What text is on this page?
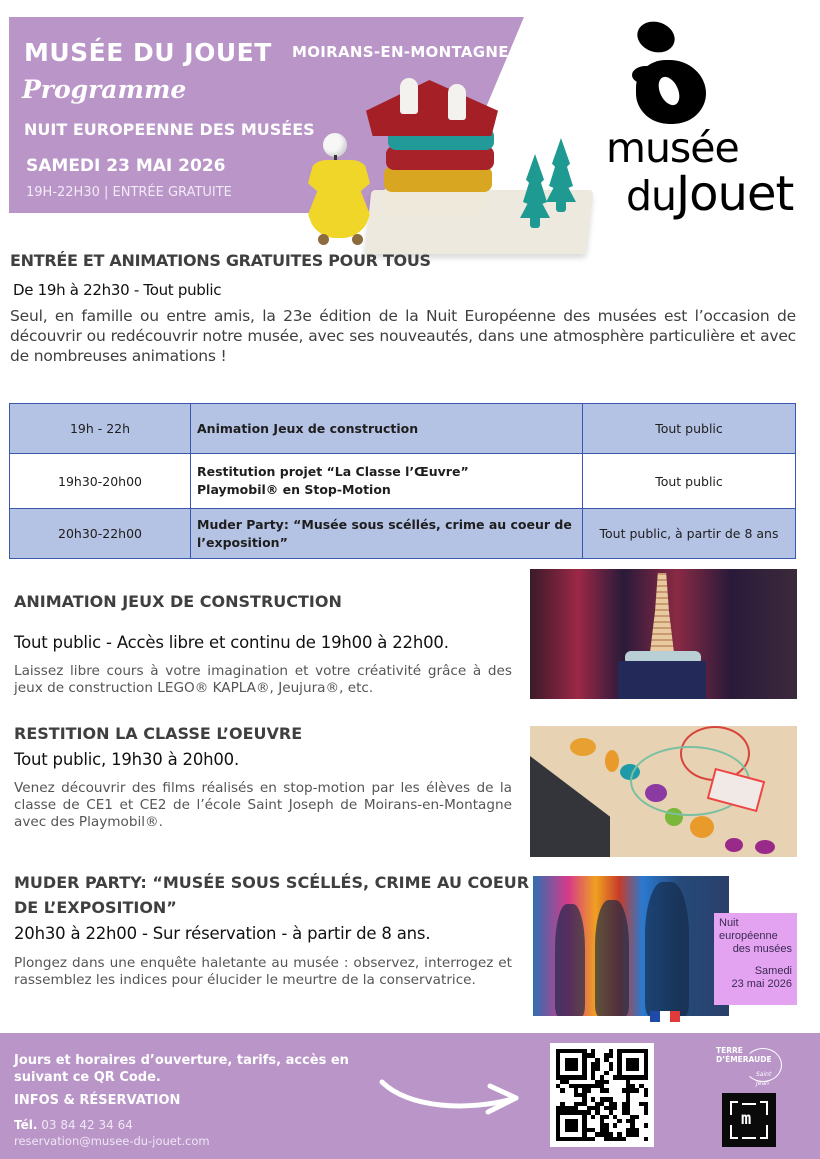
MUSÉE DU JOUET MOIRANS-EN-MONTAGNE
Programme
NUIT EUROPEENNE DES MUSÉES
SAMEDI 23 MAI 2026
19H-22H30 | ENTRÉE GRATUITE
musée
duJouet
ENTRÉE ET ANIMATIONS GRATUITES POUR TOUS
De 19h à 22h30 - Tout public
Seul, en famille ou entre amis, la 23e édition de la Nuit Européenne des musées est l’occasion de découvrir ou redécouvrir notre musée, avec ses nouveautés, dans une atmosphère particulière et avec de nombreuses animations !
19h - 22h	Animation Jeux de construction	Tout public
19h30-20h00	Restitution projet “La Classe l’Œuvre”
Playmobil® en Stop-Motion	Tout public
20h30-22h00	Muder Party: “Musée sous scéllés, crime au coeur de
l’exposition”	Tout public, à partir de 8 ans
ANIMATION JEUX DE CONSTRUCTION
Tout public - Accès libre et continu de 19h00 à 22h00.
Laissez libre cours à votre imagination et votre créativité grâce à des jeux de construction LEGO® KAPLA®, Jeujura®, etc.
RESTITION LA CLASSE L’OEUVRE
Tout public, 19h30 à 20h00.
Venez découvrir des films réalisés en stop-motion par les élèves de la classe de CE1 et CE2 de l’école Saint Joseph de Moirans-en-Montagne avec des Playmobil®.
MUDER PARTY: “MUSÉE SOUS SCÉLLÉS, CRIME AU COEUR
DE L’EXPOSITION”
20h30 à 22h00 - Sur réservation - à partir de 8 ans.
Plongez dans une enquête haletante au musée : observez, interrogez et rassemblez les indices pour élucider le meurtre de la conservatrice.
Nuit
européenne
des musées
Samedi
23 mai 2026
Jours et horaires d’ouverture, tarifs, accès en suivant ce QR Code.
INFOS & RÉSERVATION
Tél. 03 84 42 34 64
reservation@musee-du-jouet.com
TERRE
D’ÉMERAUDE
Saint Jean
m
